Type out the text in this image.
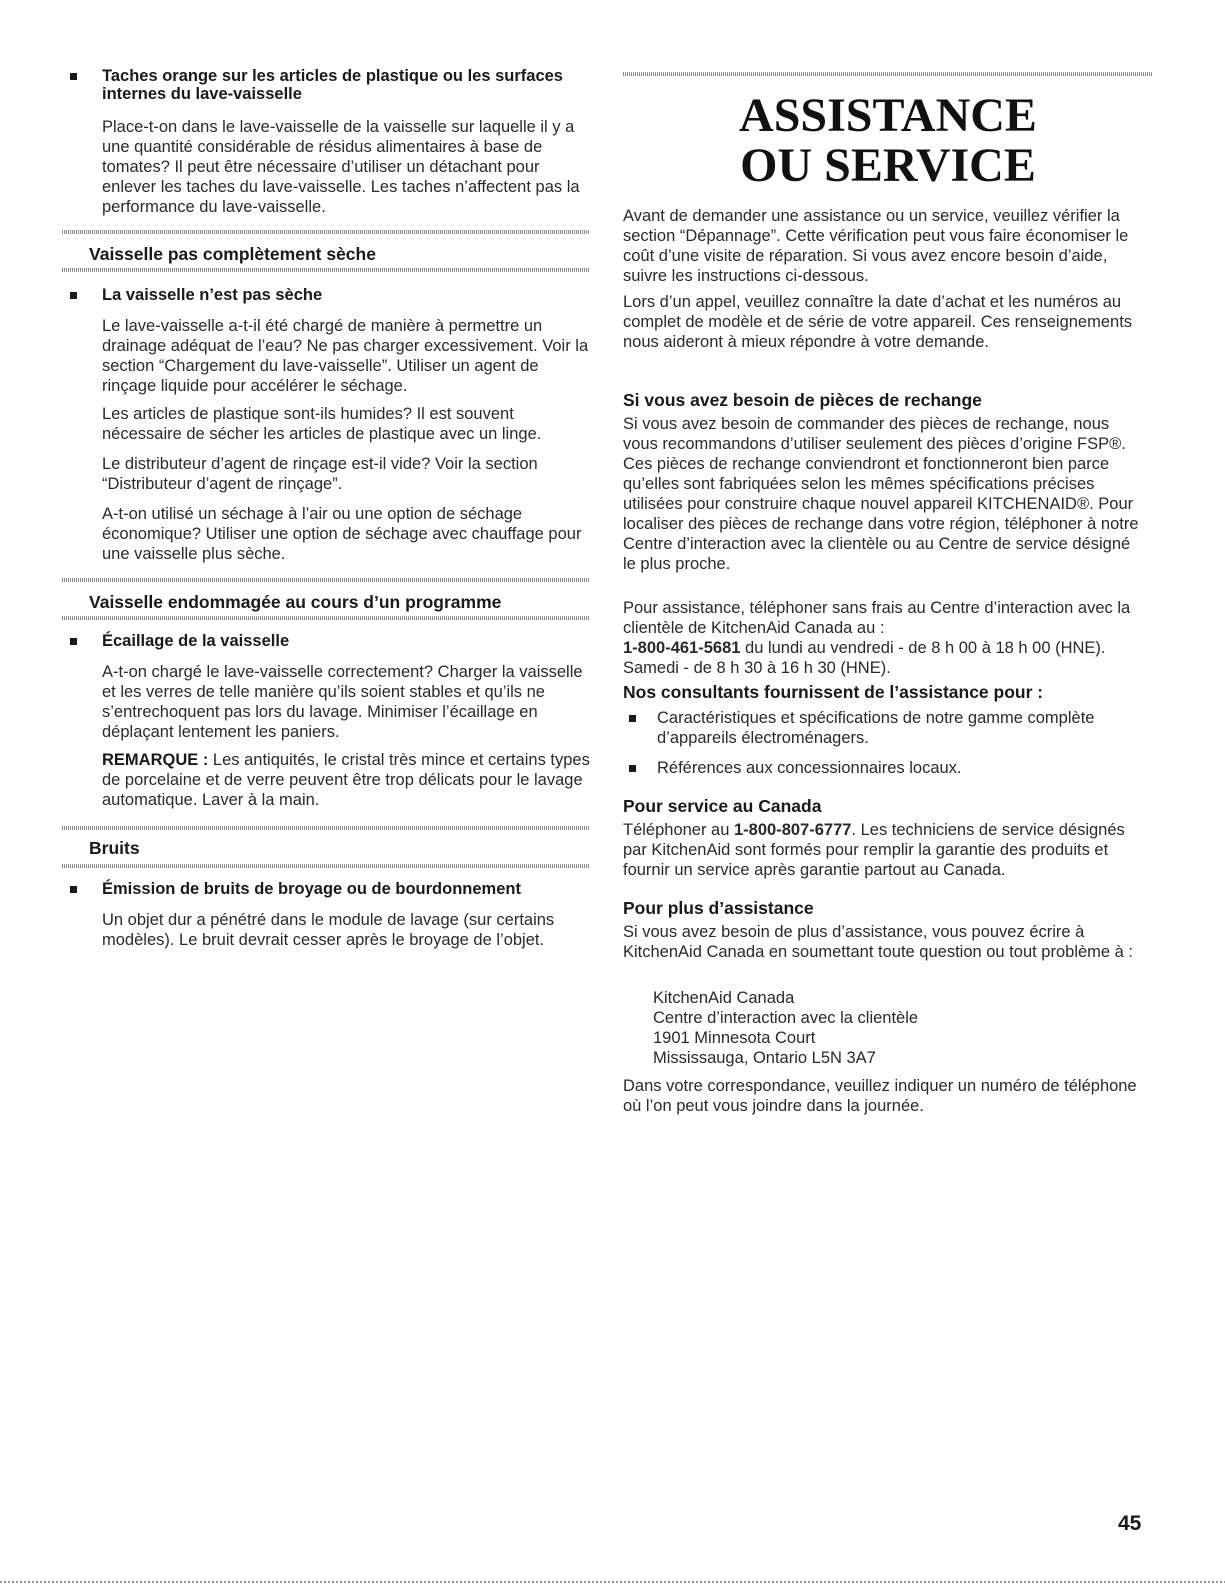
Taches orange sur les articles de plastique ou les surfaces internes du lave-vaisselle

Place-t-on dans le lave-vaisselle de la vaisselle sur laquelle il y a une quantité considérable de résidus alimentaires à base de tomates? Il peut être nécessaire d’utiliser un détachant pour enlever les taches du lave-vaisselle. Les taches n’affectent pas la performance du lave-vaisselle.

Vaisselle pas complètement sèche
La vaisselle n’est pas sèche

Le lave-vaisselle a-t-il été chargé de manière à permettre un drainage adéquat de l’eau? Ne pas charger excessivement. Voir la section “Chargement du lave-vaisselle”. Utiliser un agent de rinçage liquide pour accélérer le séchage.

Les articles de plastique sont-ils humides? Il est souvent nécessaire de sécher les articles de plastique avec un linge.

Le distributeur d’agent de rinçage est-il vide? Voir la section “Distributeur d’agent de rinçage”.

A-t-on utilisé un séchage à l’air ou une option de séchage économique? Utiliser une option de séchage avec chauffage pour une vaisselle plus sèche.

Vaisselle endommagée au cours d’un programme
Écaillage de la vaisselle

A-t-on chargé le lave-vaisselle correctement? Charger la vaisselle et les verres de telle manière qu’ils soient stables et qu’ils ne s’entrechoquent pas lors du lavage. Minimiser l’écaillage en déplaçant lentement les paniers.

REMARQUE : Les antiquités, le cristal très mince et certains types de porcelaine et de verre peuvent être trop délicats pour le lavage automatique. Laver à la main.

Bruits
Émission de bruits de broyage ou de bourdonnement

Un objet dur a pénétré dans le module de lavage (sur certains modèles). Le bruit devrait cesser après le broyage de l’objet.

ASSISTANCE
OU SERVICE

Avant de demander une assistance ou un service, veuillez vérifier la section “Dépannage”. Cette vérification peut vous faire économiser le coût d’une visite de réparation. Si vous avez encore besoin d’aide, suivre les instructions ci-dessous.

Lors d’un appel, veuillez connaître la date d’achat et les numéros au complet de modèle et de série de votre appareil. Ces renseignements nous aideront à mieux répondre à votre demande.

Si vous avez besoin de pièces de rechange

Si vous avez besoin de commander des pièces de rechange, nous vous recommandons d’utiliser seulement des pièces d’origine FSP®. Ces pièces de rechange conviendront et fonctionneront bien parce qu’elles sont fabriquées selon les mêmes spécifications précises utilisées pour construire chaque nouvel appareil KITCHENAID®. Pour localiser des pièces de rechange dans votre région, téléphoner à notre Centre d’interaction avec la clientèle ou au Centre de service désigné le plus proche.

Pour assistance, téléphoner sans frais au Centre d’interaction avec la clientèle de KitchenAid Canada au :
1-800-461-5681 du lundi au vendredi - de 8 h 00 à 18 h 00 (HNE). Samedi - de 8 h 30 à 16 h 30 (HNE).

Nos consultants fournissent de l’assistance pour :
Caractéristiques et spécifications de notre gamme complète d’appareils électroménagers.
Références aux concessionnaires locaux.
Pour service au Canada

Téléphoner au 1-800-807-6777. Les techniciens de service désignés par KitchenAid sont formés pour remplir la garantie des produits et fournir un service après garantie partout au Canada.

Pour plus d’assistance

Si vous avez besoin de plus d’assistance, vous pouvez écrire à KitchenAid Canada en soumettant toute question ou tout problème à :

KitchenAid Canada
Centre d’interaction avec la clientèle
1901 Minnesota Court
Mississauga, Ontario L5N 3A7

Dans votre correspondance, veuillez indiquer un numéro de téléphone où l’on peut vous joindre dans la journée.

45
